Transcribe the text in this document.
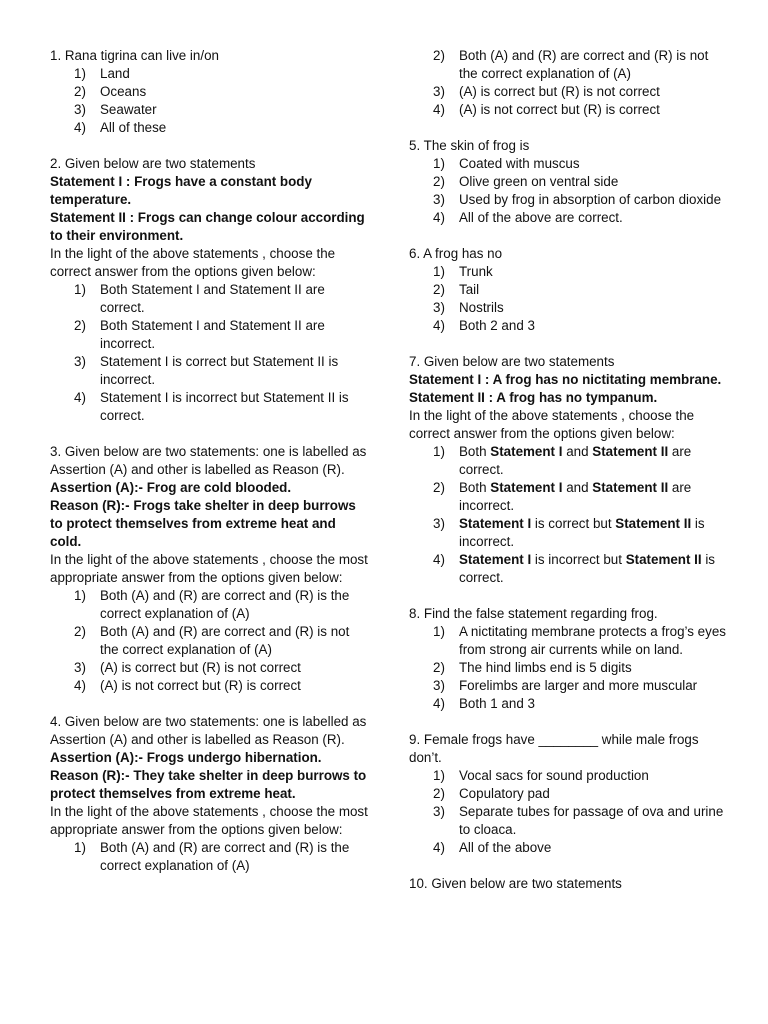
1. Rana tigrina can live in/on

1) Land
2) Oceans
3) Seawater
4) All of these

2. Given below are two statements

Statement I : Frogs have a constant body temperature.

Statement II : Frogs can change colour according to their environment.

In the light of the above statements , choose the correct answer from the options given below:

1) Both Statement I and Statement II are correct.
2) Both Statement I and Statement II are incorrect.
3) Statement I is correct but Statement II is incorrect.
4) Statement I is incorrect but Statement II is correct.

3. Given below are two statements: one is labelled as Assertion (A) and other is labelled as Reason (R).

Assertion (A):- Frog are cold blooded.

Reason (R):- Frogs take shelter in deep burrows to protect themselves from extreme heat and cold.

In the light of the above statements , choose the most appropriate answer from the options given below:

1) Both (A) and (R) are correct and (R) is the correct explanation of (A)
2) Both (A) and (R) are correct and (R) is not the correct explanation of (A)
3) (A) is correct but (R) is not correct
4) (A) is not correct but (R) is correct

4. Given below are two statements: one is labelled as Assertion (A) and other is labelled as Reason (R).

Assertion (A):- Frogs undergo hibernation.

Reason (R):- They take shelter in deep burrows to protect themselves from extreme heat.

In the light of the above statements , choose the most appropriate answer from the options given below:

1) Both (A) and (R) are correct and (R) is the correct explanation of (A)
2) Both (A) and (R) are correct and (R) is not the correct explanation of (A)
3) (A) is correct but (R) is not correct
4) (A) is not correct but (R) is correct

5. The skin of frog is

1) Coated with muscus
2) Olive green on ventral side
3) Used by frog in absorption of carbon dioxide
4) All of the above are correct.

6. A frog has no

1) Trunk
2) Tail
3) Nostrils
4) Both 2 and 3

7. Given below are two statements

Statement I : A frog has no nictitating membrane.

Statement II : A frog has no tympanum.

In the light of the above statements , choose the correct answer from the options given below:

1) Both Statement I and Statement II are correct.
2) Both Statement I and Statement II are incorrect.
3) Statement I is correct but Statement II is incorrect.
4) Statement I is incorrect but Statement II is correct.

8. Find the false statement regarding frog.

1) A nictitating membrane protects a frog’s eyes from strong air currents while on land.
2) The hind limbs end is 5 digits
3) Forelimbs are larger and more muscular
4) Both 1 and 3

9. Female frogs have ________ while male frogs don’t.

1) Vocal sacs for sound production
2) Copulatory pad
3) Separate tubes for passage of ova and urine to cloaca.
4) All of the above

10. Given below are two statements
